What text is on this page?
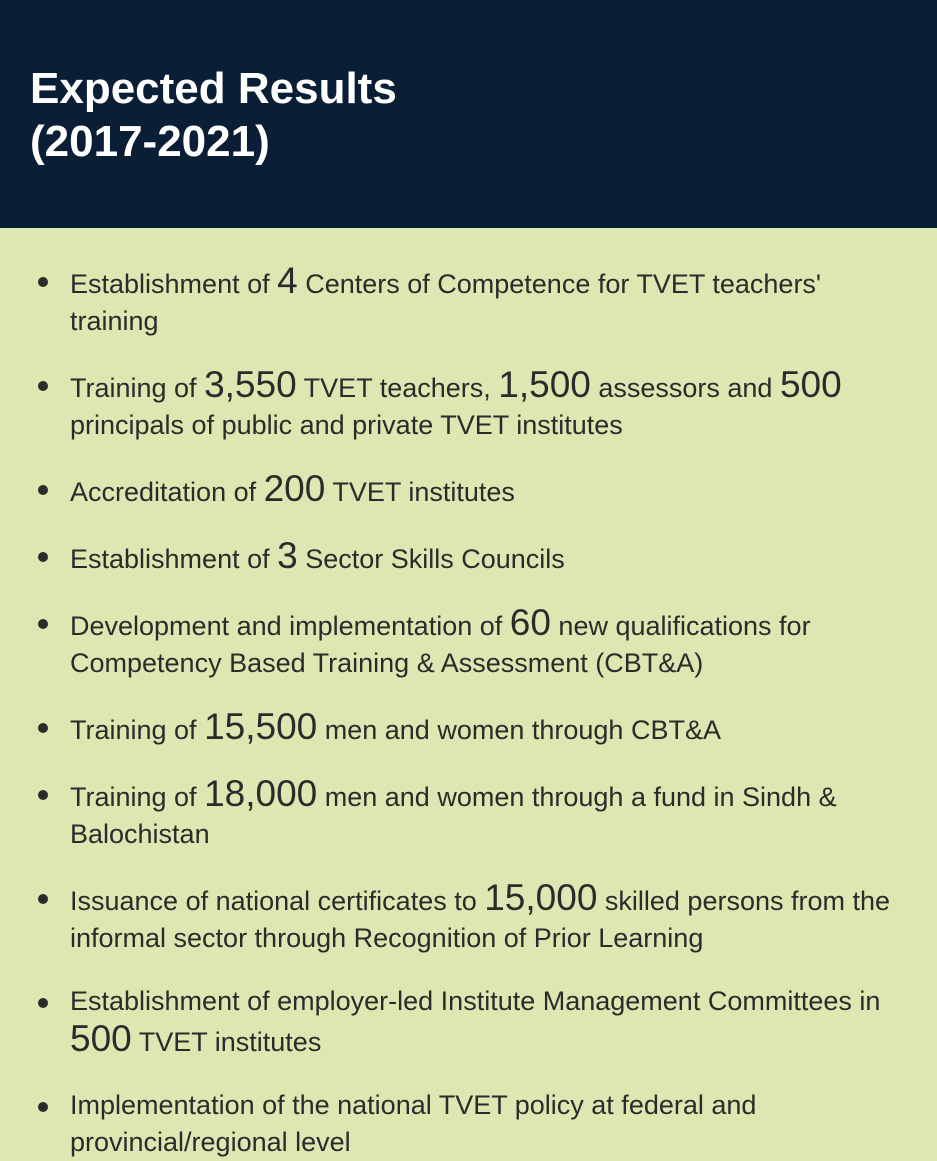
Expected Results
(2017-2021)
Establishment of 4 Centers of Competence for TVET teachers' training
Training of 3,550 TVET teachers, 1,500 assessors and 500 principals of public and private TVET institutes
Accreditation of 200 TVET institutes
Establishment of 3 Sector Skills Councils
Development and implementation of 60 new qualifications for Competency Based Training & Assessment (CBT&A)
Training of 15,500 men and women through CBT&A
Training of 18,000 men and women through a fund in Sindh & Balochistan
Issuance of national certificates to 15,000 skilled persons from the informal sector through Recognition of Prior Learning
Establishment of employer-led Institute Management Committees in 500 TVET institutes
Implementation of the national TVET policy at federal and provincial/regional level
